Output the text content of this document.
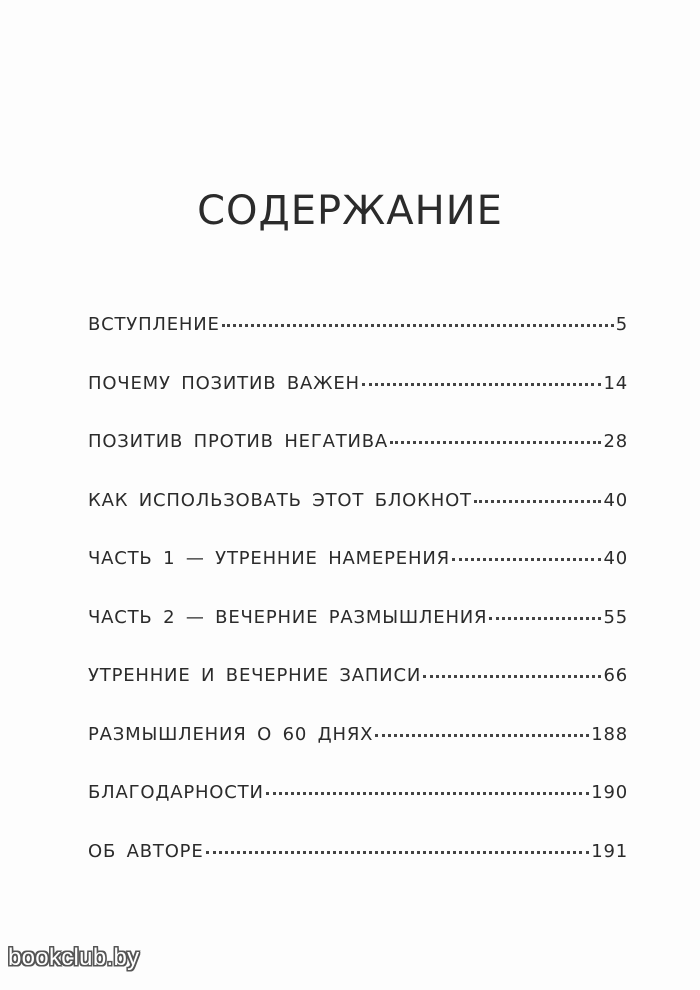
СОДЕРЖАНИЕ
ВСТУПЛЕНИЕ	5
ПОЧЕМУ ПОЗИТИВ ВАЖЕН	14
ПОЗИТИВ ПРОТИВ НЕГАТИВА	28
КАК ИСПОЛЬЗОВАТЬ ЭТОТ БЛОКНОТ	40
ЧАСТЬ 1 — УТРЕННИЕ НАМЕРЕНИЯ	40
ЧАСТЬ 2 — ВЕЧЕРНИЕ РАЗМЫШЛЕНИЯ	55
УТРЕННИЕ И ВЕЧЕРНИЕ ЗАПИСИ	66
РАЗМЫШЛЕНИЯ О 60 ДНЯХ	188
БЛАГОДАРНОСТИ	190
ОБ АВТОРЕ	191
bookclub.by
